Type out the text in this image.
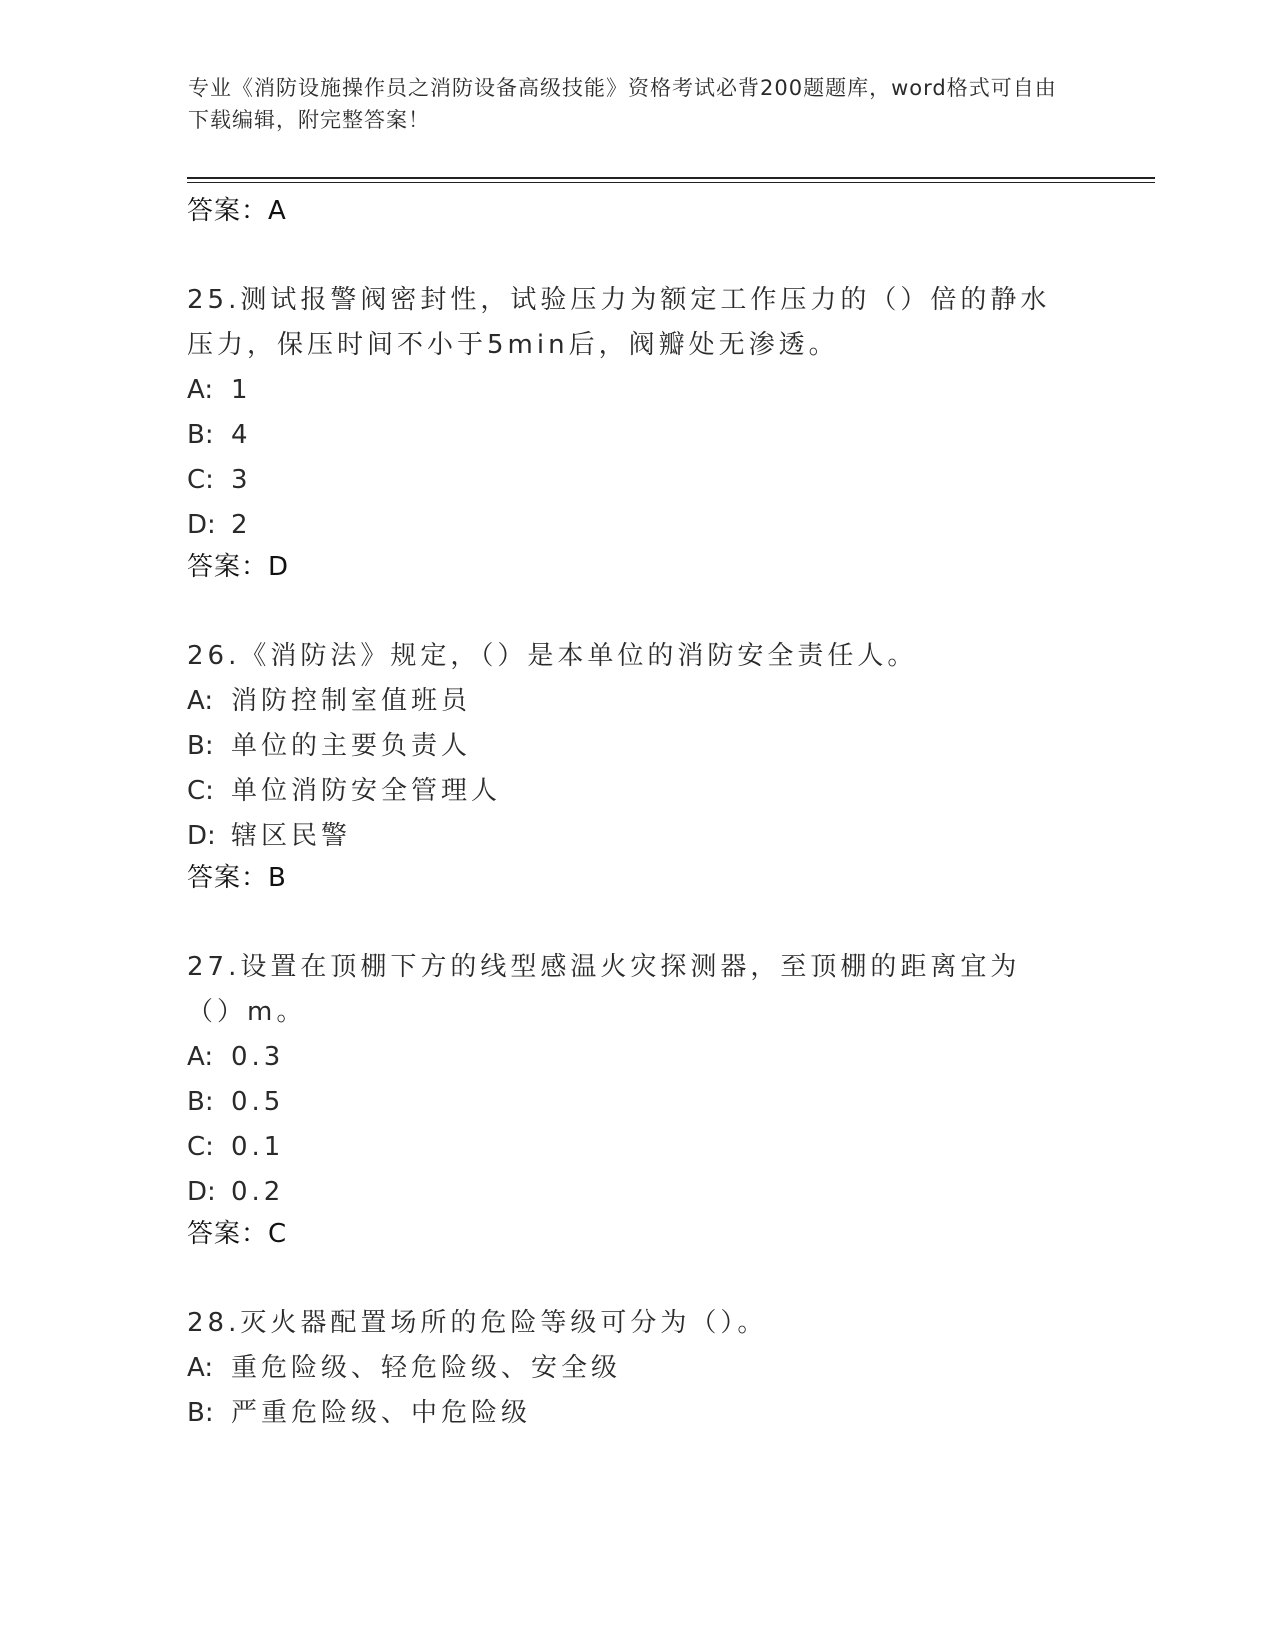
专业《消防设施操作员之消防设备高级技能》资格考试必背200题题库，word格式可自由下载编辑，附完整答案！
答案：A
25.测试报警阀密封性，试验压力为额定工作压力的（）倍的静水压力，保压时间不小于5min后，阀瓣处无渗透。
A: 1
B: 4
C: 3
D: 2
答案：D
26.《消防法》规定，（）是本单位的消防安全责任人。
A: 消防控制室值班员
B: 单位的主要负责人
C: 单位消防安全管理人
D: 辖区民警
答案：B
27.设置在顶棚下方的线型感温火灾探测器，至顶棚的距离宜为（）m。
A: 0.3
B: 0.5
C: 0.1
D: 0.2
答案：C
28.灭火器配置场所的危险等级可分为（）。
A: 重危险级、轻危险级、安全级
B: 严重危险级、中危险级
